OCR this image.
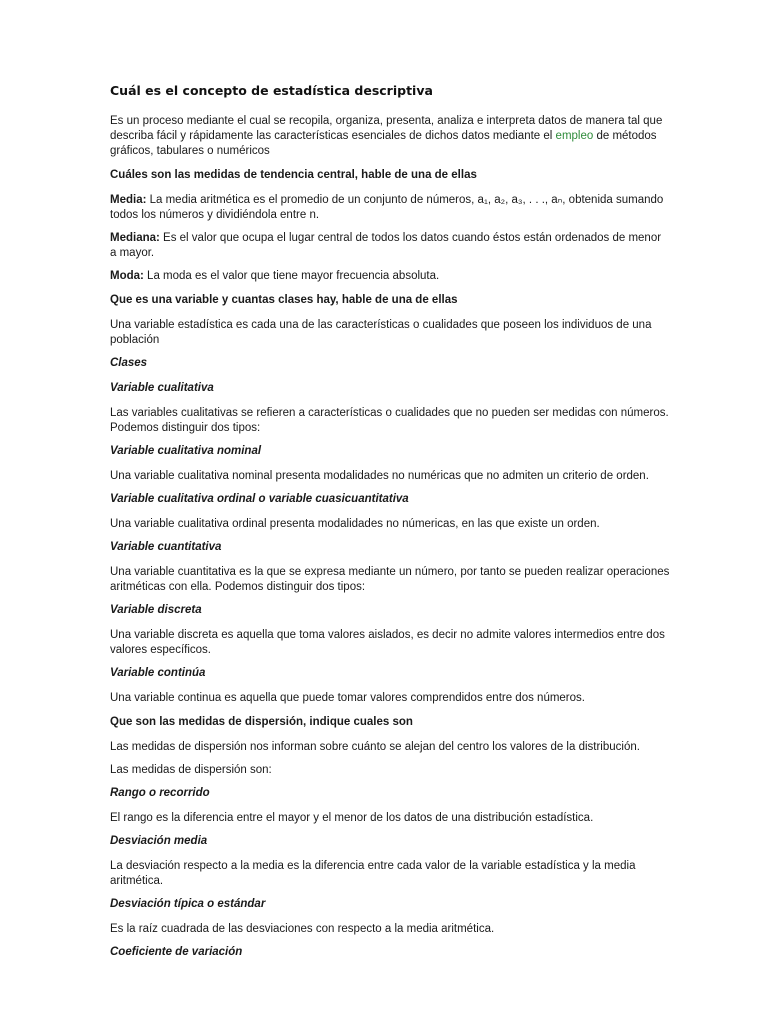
Cuál es el concepto de estadística descriptiva

Es un proceso mediante el cual se recopila, organiza, presenta, analiza e interpreta datos de manera tal que describa fácil y rápidamente las características esenciales de dichos datos mediante el empleo de métodos gráficos, tabulares o numéricos

Cuáles son las medidas de tendencia central, hable de una de ellas

Media: La media aritmética es el promedio de un conjunto de números, a₁, a₂, a₃, . . ., aₙ, obtenida sumando todos los números y dividiéndola entre n.

Mediana: Es el valor que ocupa el lugar central de todos los datos cuando éstos están ordenados de menor a mayor.

Moda: La moda es el valor que tiene mayor frecuencia absoluta.

Que es una variable y cuantas clases hay, hable de una de ellas

Una variable estadística es cada una de las características o cualidades que poseen los individuos de una población

Clases
Variable cualitativa

Las variables cualitativas se refieren a características o cualidades que no pueden ser medidas con números. Podemos distinguir dos tipos:

Variable cualitativa nominal

Una variable cualitativa nominal presenta modalidades no numéricas que no admiten un criterio de orden.

Variable cualitativa ordinal o variable cuasicuantitativa

Una variable cualitativa ordinal presenta modalidades no númericas, en las que existe un orden.

Variable cuantitativa

Una variable cuantitativa es la que se expresa mediante un número, por tanto se pueden realizar operaciones aritméticas con ella. Podemos distinguir dos tipos:

Variable discreta

Una variable discreta es aquella que toma valores aislados, es decir no admite valores intermedios entre dos valores específicos.

Variable continúa

Una variable continua es aquella que puede tomar valores comprendidos entre dos números.

Que son las medidas de dispersión, indique cuales son

Las medidas de dispersión nos informan sobre cuánto se alejan del centro los valores de la distribución.

Las medidas de dispersión son:

Rango o recorrido

El rango es la diferencia entre el mayor y el menor de los datos de una distribución estadística.

Desviación media

La desviación respecto a la media es la diferencia entre cada valor de la variable estadística y la media aritmética.

Desviación típica o estándar

Es la raíz cuadrada de las desviaciones con respecto a la media aritmética.

Coeficiente de variación
